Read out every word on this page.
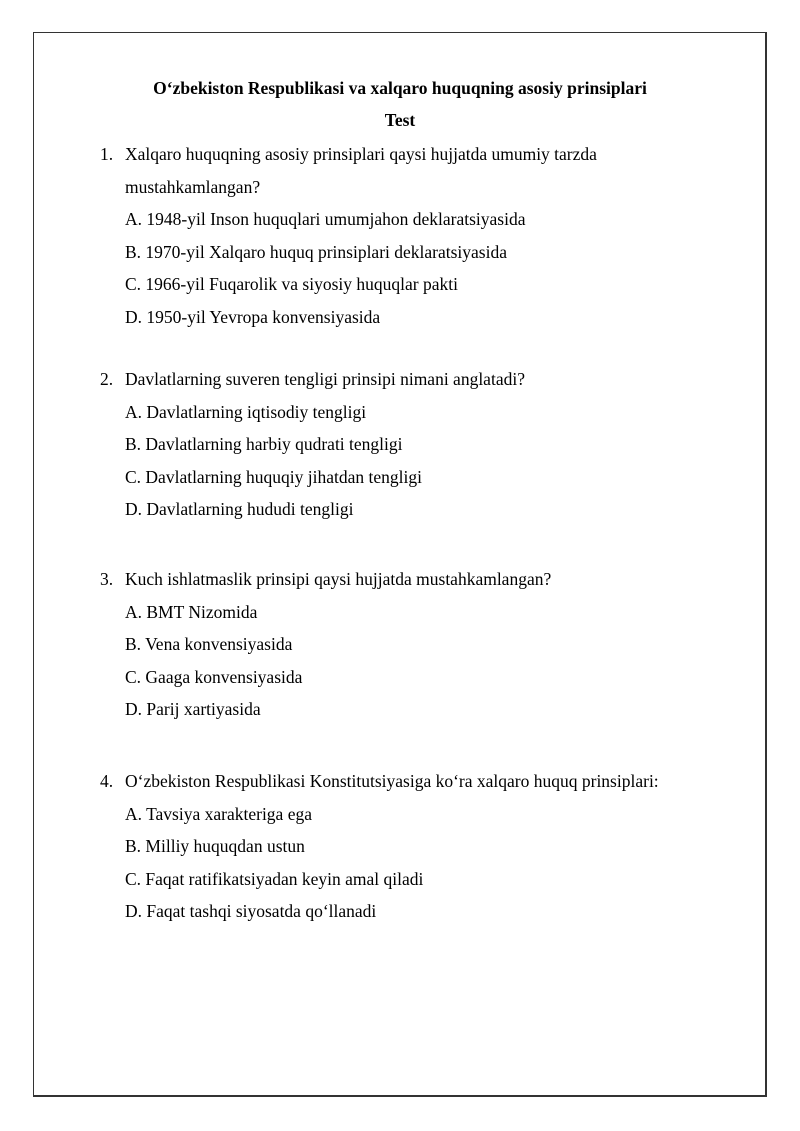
O‘zbekiston Respublikasi va xalqaro huquqning asosiy prinsiplari
Test
1. Xalqaro huquqning asosiy prinsiplari qaysi hujjatda umumiy tarzda mustahkamlangan?

A. 1948-yil Inson huquqlari umumjahon deklaratsiyasida

B. 1970-yil Xalqaro huquq prinsiplari deklaratsiyasida

C. 1966-yil Fuqarolik va siyosiy huquqlar pakti

D. 1950-yil Yevropa konvensiyasida

2. Davlatlarning suveren tengligi prinsipi nimani anglatadi?

A. Davlatlarning iqtisodiy tengligi

B. Davlatlarning harbiy qudrati tengligi

C. Davlatlarning huquqiy jihatdan tengligi

D. Davlatlarning hududi tengligi

3. Kuch ishlatmaslik prinsipi qaysi hujjatda mustahkamlangan?

A. BMT Nizomida

B. Vena konvensiyasida

C. Gaaga konvensiyasida

D. Parij xartiyasida

4. O‘zbekiston Respublikasi Konstitutsiyasiga ko‘ra xalqaro huquq prinsiplari:

A. Tavsiya xarakteriga ega

B. Milliy huquqdan ustun

C. Faqat ratifikatsiyadan keyin amal qiladi

D. Faqat tashqi siyosatda qo‘llanadi
